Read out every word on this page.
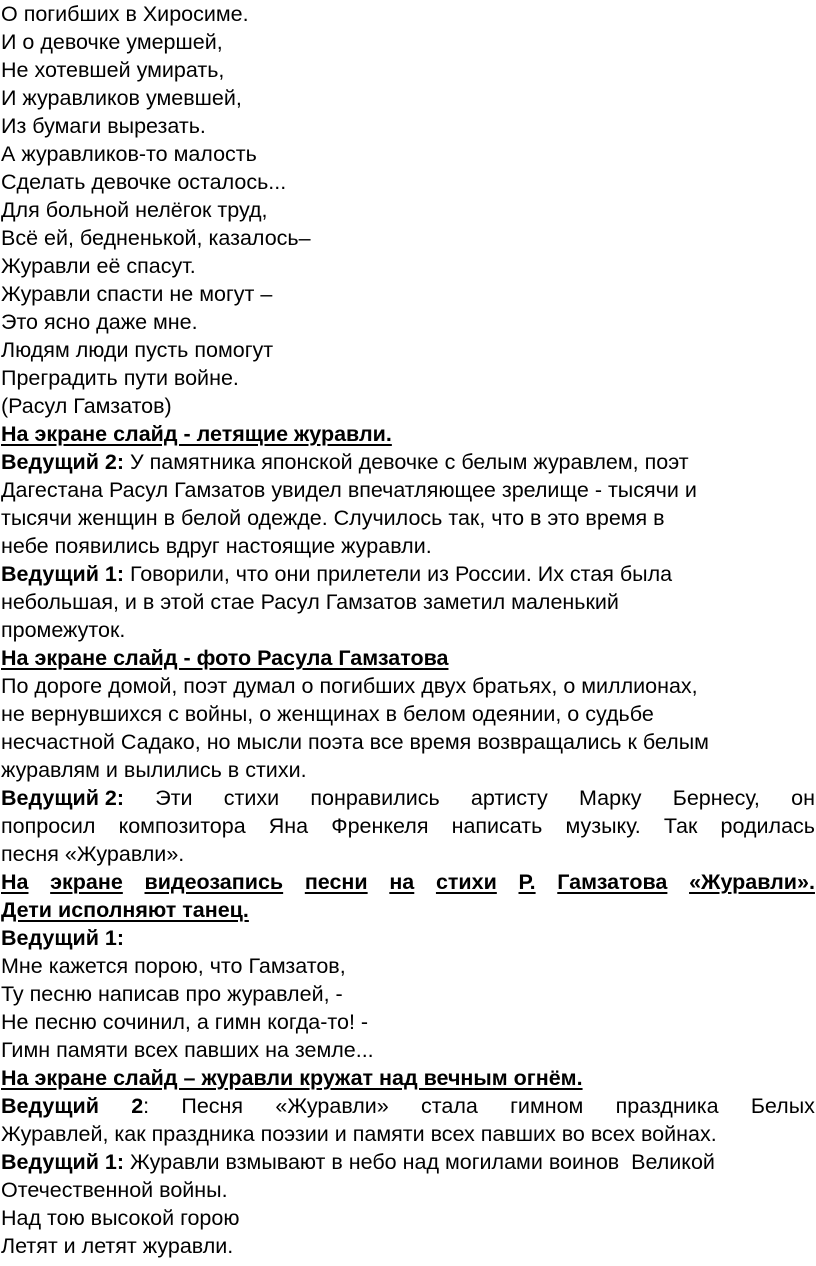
О погибших в Хиросиме.
И о девочке умершей,
Не хотевшей умирать,
И журавликов умевшей,
Из бумаги вырезать.
А журавликов-то малость
Сделать девочке осталось...
Для больной нелёгок труд,
Всё ей, бедненькой, казалось–
Журавли её спасут.
Журавли спасти не могут –
Это ясно даже мне.
Людям люди пусть помогут
Преградить пути войне.
(Расул Гамзатов)
На экране слайд - летящие журавли.
Ведущий 2: У памятника японской девочке с белым журавлем, поэт
Дагестана Расул Гамзатов увидел впечатляющее зрелище - тысячи и
тысячи женщин в белой одежде. Случилось так, что в это время в
небе появились вдруг настоящие журавли.
Ведущий 1: Говорили, что они прилетели из России. Их стая была
небольшая, и в этой стае Расул Гамзатов заметил маленький
промежуток.
На экране слайд - фото Расула Гамзатова
По дороге домой, поэт думал о погибших двух братьях, о миллионах,
не вернувшихся с войны, о женщинах в белом одеянии, о судьбе
несчастной Садако, но мысли поэта все время возвращались к белым
журавлям и вылились в стихи.
Ведущий 2: Эти стихи понравились артисту Марку Бернесу, он
попросил композитора Яна Френкеля написать музыку. Так родилась
песня «Журавли».
На экране видеозапись песни на стихи Р. Гамзатова «Журавли».
Дети исполняют танец.
Ведущий 1:
Мне кажется порою, что Гамзатов,
Ту песню написав про журавлей, -
Не песню сочинил, а гимн когда-то! -
Гимн памяти всех павших на земле...
На экране слайд – журавли кружат над вечным огнём.
Ведущий 2: Песня «Журавли» стала гимном праздника Белых
Журавлей, как праздника поэзии и памяти всех павших во всех войнах.
Ведущий 1: Журавли взмывают в небо над могилами воинов  Великой
Отечественной войны.
Над тою высокой горою
Летят и летят журавли.
